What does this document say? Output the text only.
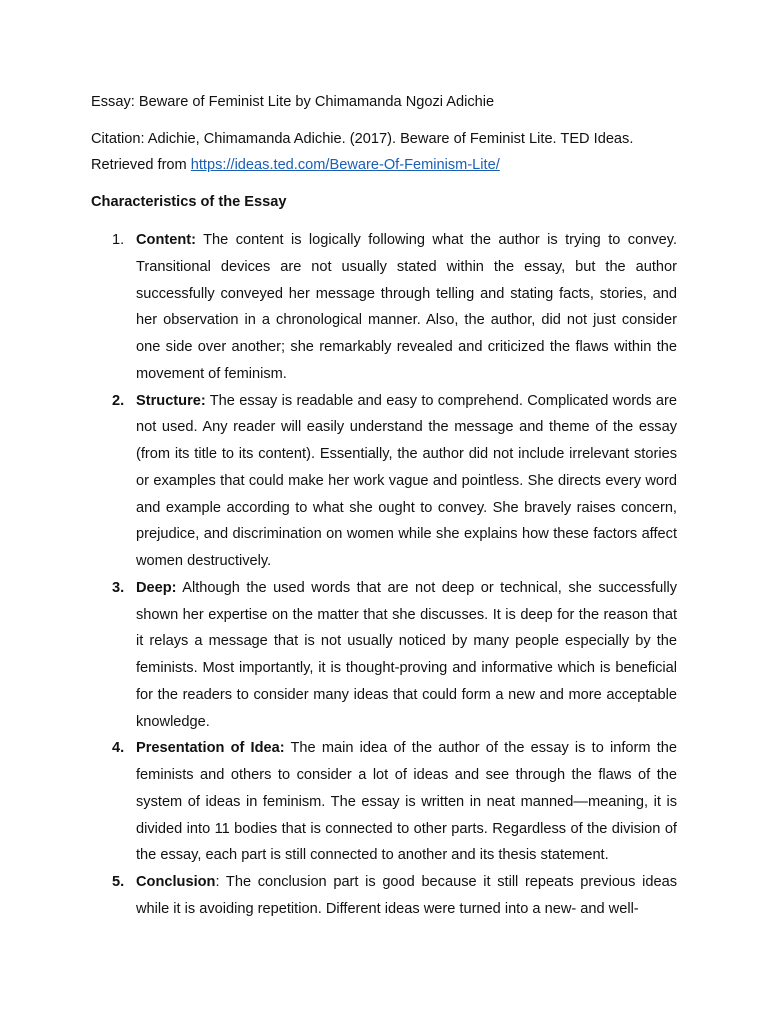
Essay: Beware of Feminist Lite by Chimamanda Ngozi Adichie
Citation: Adichie, Chimamanda Adichie. (2017). Beware of Feminist Lite. TED Ideas.
Retrieved from https://ideas.ted.com/Beware-Of-Feminism-Lite/
Characteristics of the Essay
1. Content: The content is logically following what the author is trying to convey. Transitional devices are not usually stated within the essay, but the author successfully conveyed her message through telling and stating facts, stories, and her observation in a chronological manner. Also, the author, did not just consider one side over another; she remarkably revealed and criticized the flaws within the movement of feminism.
2. Structure: The essay is readable and easy to comprehend. Complicated words are not used. Any reader will easily understand the message and theme of the essay (from its title to its content). Essentially, the author did not include irrelevant stories or examples that could make her work vague and pointless. She directs every word and example according to what she ought to convey. She bravely raises concern, prejudice, and discrimination on women while she explains how these factors affect women destructively.
3. Deep: Although the used words that are not deep or technical, she successfully shown her expertise on the matter that she discusses. It is deep for the reason that it relays a message that is not usually noticed by many people especially by the feminists. Most importantly, it is thought-proving and informative which is beneficial for the readers to consider many ideas that could form a new and more acceptable knowledge.
4. Presentation of Idea: The main idea of the author of the essay is to inform the feminists and others to consider a lot of ideas and see through the flaws of the system of ideas in feminism. The essay is written in neat manned—meaning, it is divided into 11 bodies that is connected to other parts. Regardless of the division of the essay, each part is still connected to another and its thesis statement.
5. Conclusion: The conclusion part is good because it still repeats previous ideas while it is avoiding repetition. Different ideas were turned into a new- and well-
